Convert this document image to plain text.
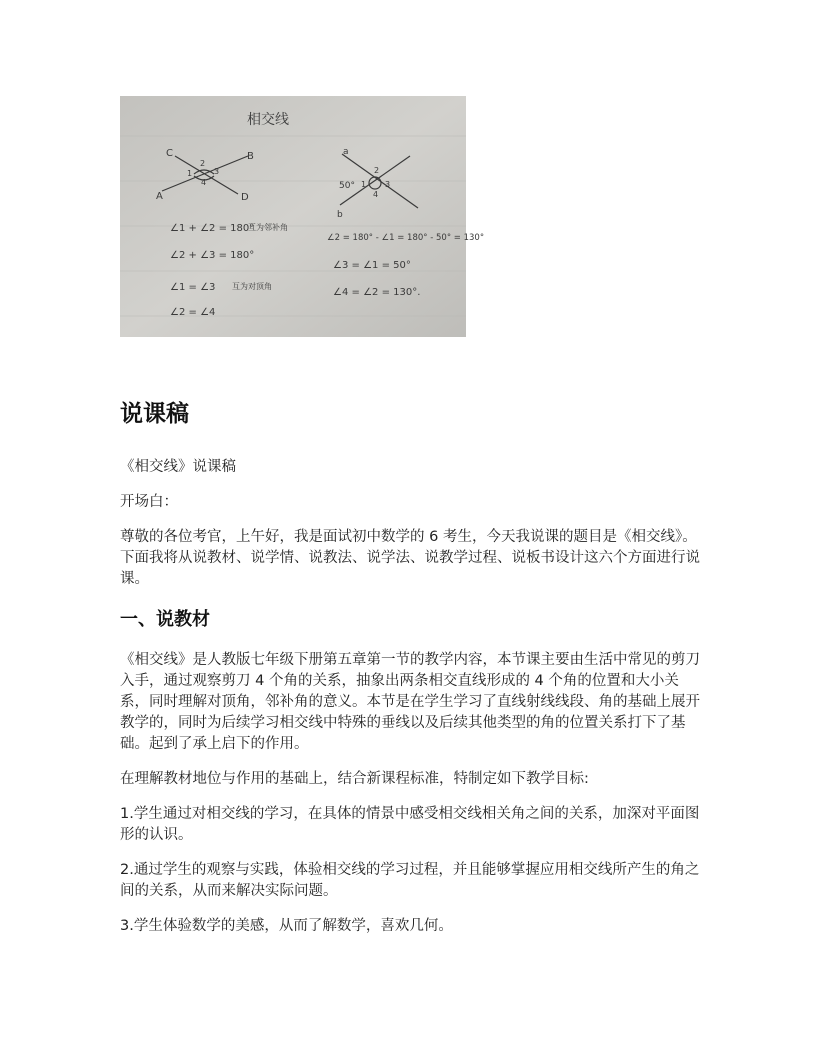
相交线
C	B
A	D
1
2
3
4
a
b
50° 1
2
3
4
∠1 + ∠2 = 180°
互为邻补角
∠2 + ∠3 = 180°
∠1 = ∠3 互为对顶角
∠2 = ∠4
∠2 = 180° - ∠1 = 180° - 50° = 130°
∠3 = ∠1 = 50°
∠4 = ∠2 = 130°.
说课稿

《相交线》说课稿

开场白：

尊敬的各位考官，上午好，我是面试初中数学的 6 考生，今天我说课的题目是《相交线》。下面我将从说教材、说学情、说教法、说学法、说教学过程、说板书设计这六个方面进行说课。

一、说教材

《相交线》是人教版七年级下册第五章第一节的教学内容，本节课主要由生活中常见的剪刀入手，通过观察剪刀 4 个角的关系，抽象出两条相交直线形成的 4 个角的位置和大小关系，同时理解对顶角，邻补角的意义。本节是在学生学习了直线射线线段、角的基础上展开教学的，同时为后续学习相交线中特殊的垂线以及后续其他类型的角的位置关系打下了基础。起到了承上启下的作用。

在理解教材地位与作用的基础上，结合新课程标准，特制定如下教学目标:

1.学生通过对相交线的学习，在具体的情景中感受相交线相关角之间的关系，加深对平面图形的认识。

2.通过学生的观察与实践，体验相交线的学习过程，并且能够掌握应用相交线所产生的角之间的关系，从而来解决实际问题。

3.学生体验数学的美感，从而了解数学，喜欢几何。
